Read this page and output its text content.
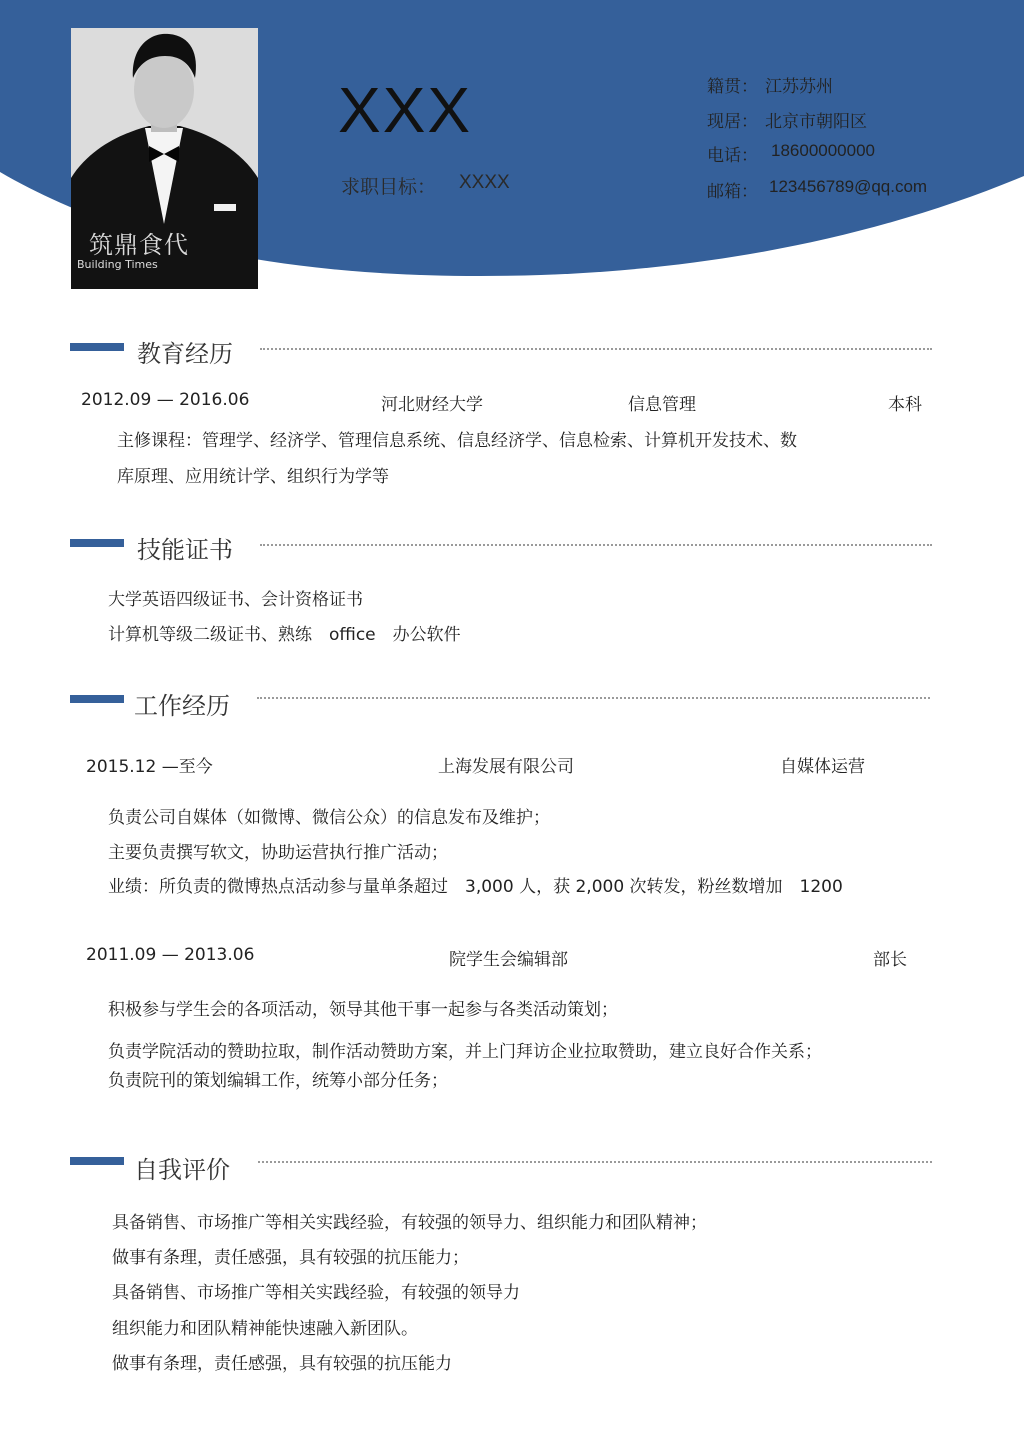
筑鼎食代
Building Times
XXX
求职目标： XXXX
籍贯： 江苏苏州
现居： 北京市朝阳区
电话： 18600000000
邮箱： 123456789@qq.com
教育经历
2012.09 — 2016.06	河北财经大学	信息管理	本科
主修课程：管理学、经济学、管理信息系统、信息经济学、信息检索、计算机开发技术、数
库原理、应用统计学、组织行为学等
技能证书
大学英语四级证书、会计资格证书
计算机等级二级证书、熟练　office　办公软件
工作经历
2015.12 —至今	上海发展有限公司	自媒体运营
负责公司自媒体（如微博、微信公众）的信息发布及维护；
主要负责撰写软文，协助运营执行推广活动；
业绩：所负责的微博热点活动参与量单条超过　3,000 人，获 2,000 次转发，粉丝数增加　1200
2011.09 — 2013.06	院学生会编辑部	部长
积极参与学生会的各项活动，领导其他干事一起参与各类活动策划；
负责学院活动的赞助拉取，制作活动赞助方案，并上门拜访企业拉取赞助，建立良好合作关系；
负责院刊的策划编辑工作，统筹小部分任务；
自我评价
具备销售、市场推广等相关实践经验，有较强的领导力、组织能力和团队精神；
做事有条理，责任感强，具有较强的抗压能力；
具备销售、市场推广等相关实践经验，有较强的领导力
组织能力和团队精神能快速融入新团队。
做事有条理，责任感强，具有较强的抗压能力
